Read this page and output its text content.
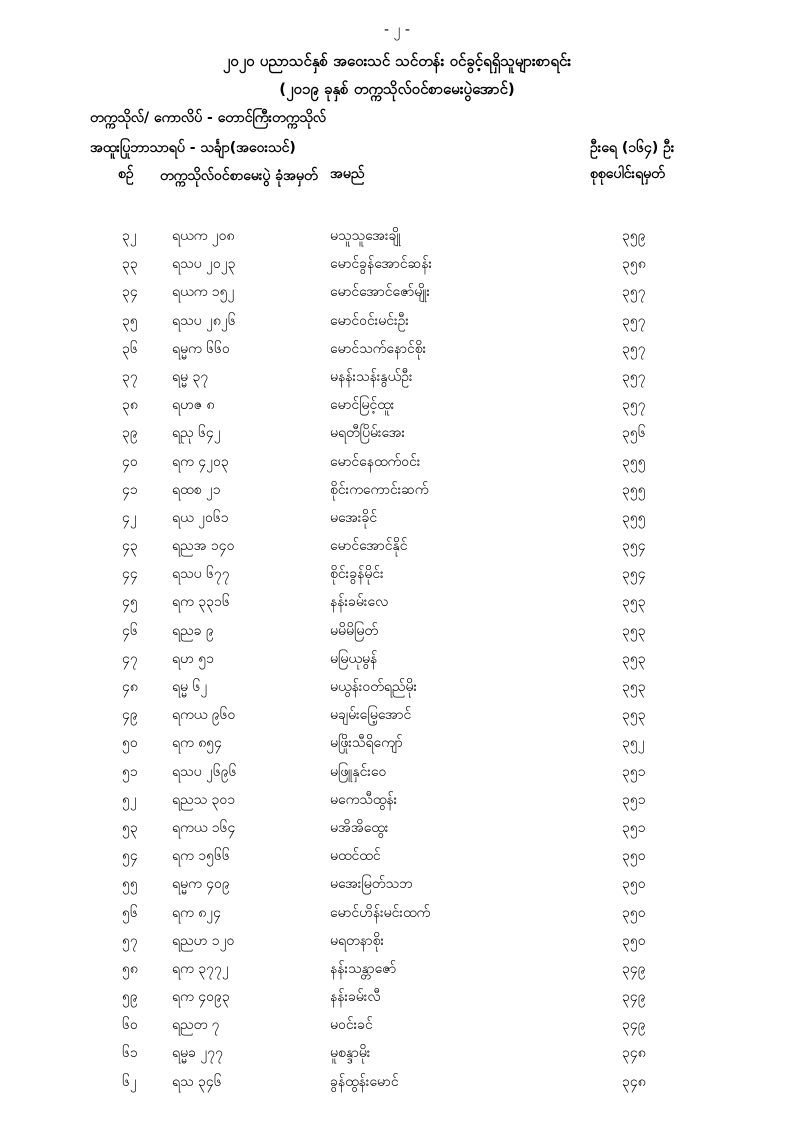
- ၂ -
၂၀၂၀ ပညာသင်နှစ် အဝေးသင် သင်တန်း ဝင်ခွင့်ရရှိသူများစာရင်း
(၂၀၁၉ ခုနှစ် တက္ကသိုလ်ဝင်စာမေးပွဲအောင်)
တက္ကသိုလ်/ ကောလိပ် - တောင်ကြီးတက္ကသိုလ်
အထူးပြုဘာသာရပ် - သင်္ချာ(အဝေးသင်)	ဦးရေ (၁၆၄) ဦး
စဉ် တက္ကသိုလ်ဝင်စာမေးပွဲ ခုံအမှတ် အမည်	စုစုပေါင်းရမှတ်
၃၂	ရယက ၂၀၈	မသူသူအေးချို	၃၅၉
၃၃ ရသပ ၂၀၂၃	မောင်ခွန်အောင်ဆန်း	၃၅၈
၃၄ ရယက ၁၅၂	မောင်အောင်ဇော်မျိုး	၃၅၇
၃၅ ရသပ ၂၈၂၆	မောင်ဝင်းမင်းဦး	၃၅၇
၃၆ ရမ္မက ၆၆၀	မောင်သက်နောင်စိုး	၃၅၇
၃၇ ရမ္မ ၃၇	မနန်းသန်းနွယ်ဦး	၃၅၇
၃၈ ရဟဇ ၈	မောင်မြင့်ထူး	၃၅၇
၃၉ ရညု ၆၄၂	မရတီပြိမ်းအေး	၃၅၆
၄၀ ရက ၄၂၀၃	မောင်နေထက်ဝင်း	၃၅၅
၄၁ ရထစ ၂၁	စိုင်းကကောင်းဆက်	၃၅၅
၄၂	ရယ ၂၀၆၁	မအေးခိုင်	၃၅၅
၄၃ ရညအ ၁၄၀	မောင်အောင်နိုင်	၃၅၄
၄၄ ရသပ ၆၇၇	စိုင်းခွန်မိုင်း	၃၅၄
၄၅ ရက ၃၃၁၆	နန်းခမ်းလေ	၃၅၃
၄၆ ရညခ ၉	မမိမိမြတ်	၃၅၃
၄၇ ရဟ ၅၁	မမြယုမွန်	၃၅၃
၄၈ ရမ္မ ၆၂	မယွန်းဝတ်ရည်မိုး	၃၅၃
၄၉ ရကယ ၉၆၀	မချမ်းမြေ့အောင်	၃၅၃
၅၀ ရက ၈၅၄	မဖြိုးသီရိကျော်	၃၅၂
၅၁ ရသပ ၂၆၉၆	မဖြူနှင်းဝေ	၃၅၁
၅၂	ရညသ ၃၀၁	မကေသီထွန်း	၃၅၁
၅၃ ရကယ ၁၆၄	မအိအိထွေး	၃၅၁
၅၄ ရက ၁၅၆၆	မထင်ထင်	၃၅၀
၅၅ ရမ္မက ၄၀၉	မအေးမြတ်သဘ	၃၅၀
၅၆ ရက ၈၂၄	မောင်ဟိန်းမင်းထက်	၃၅၀
၅၇ ရညဟ ၁၂၀	မရတနာစိုး	၃၅၀
၅၈ ရက ၃၇၇၂	နန်းသန္တာဇော်	၃၄၉
၅၉ ရက ၄၀၉၃	နန်းခမ်းလီ	၃၄၉
၆၀ ရညတ ၇	မဝင်းခင်	၃၄၉
၆၁ ရမ္မခ ၂၇၇	မူစန္ဒာမိုး	၃၄၈
၆၂	ရသ ၃၄၆	ခွန်ထွန်းမောင်	၃၄၈
